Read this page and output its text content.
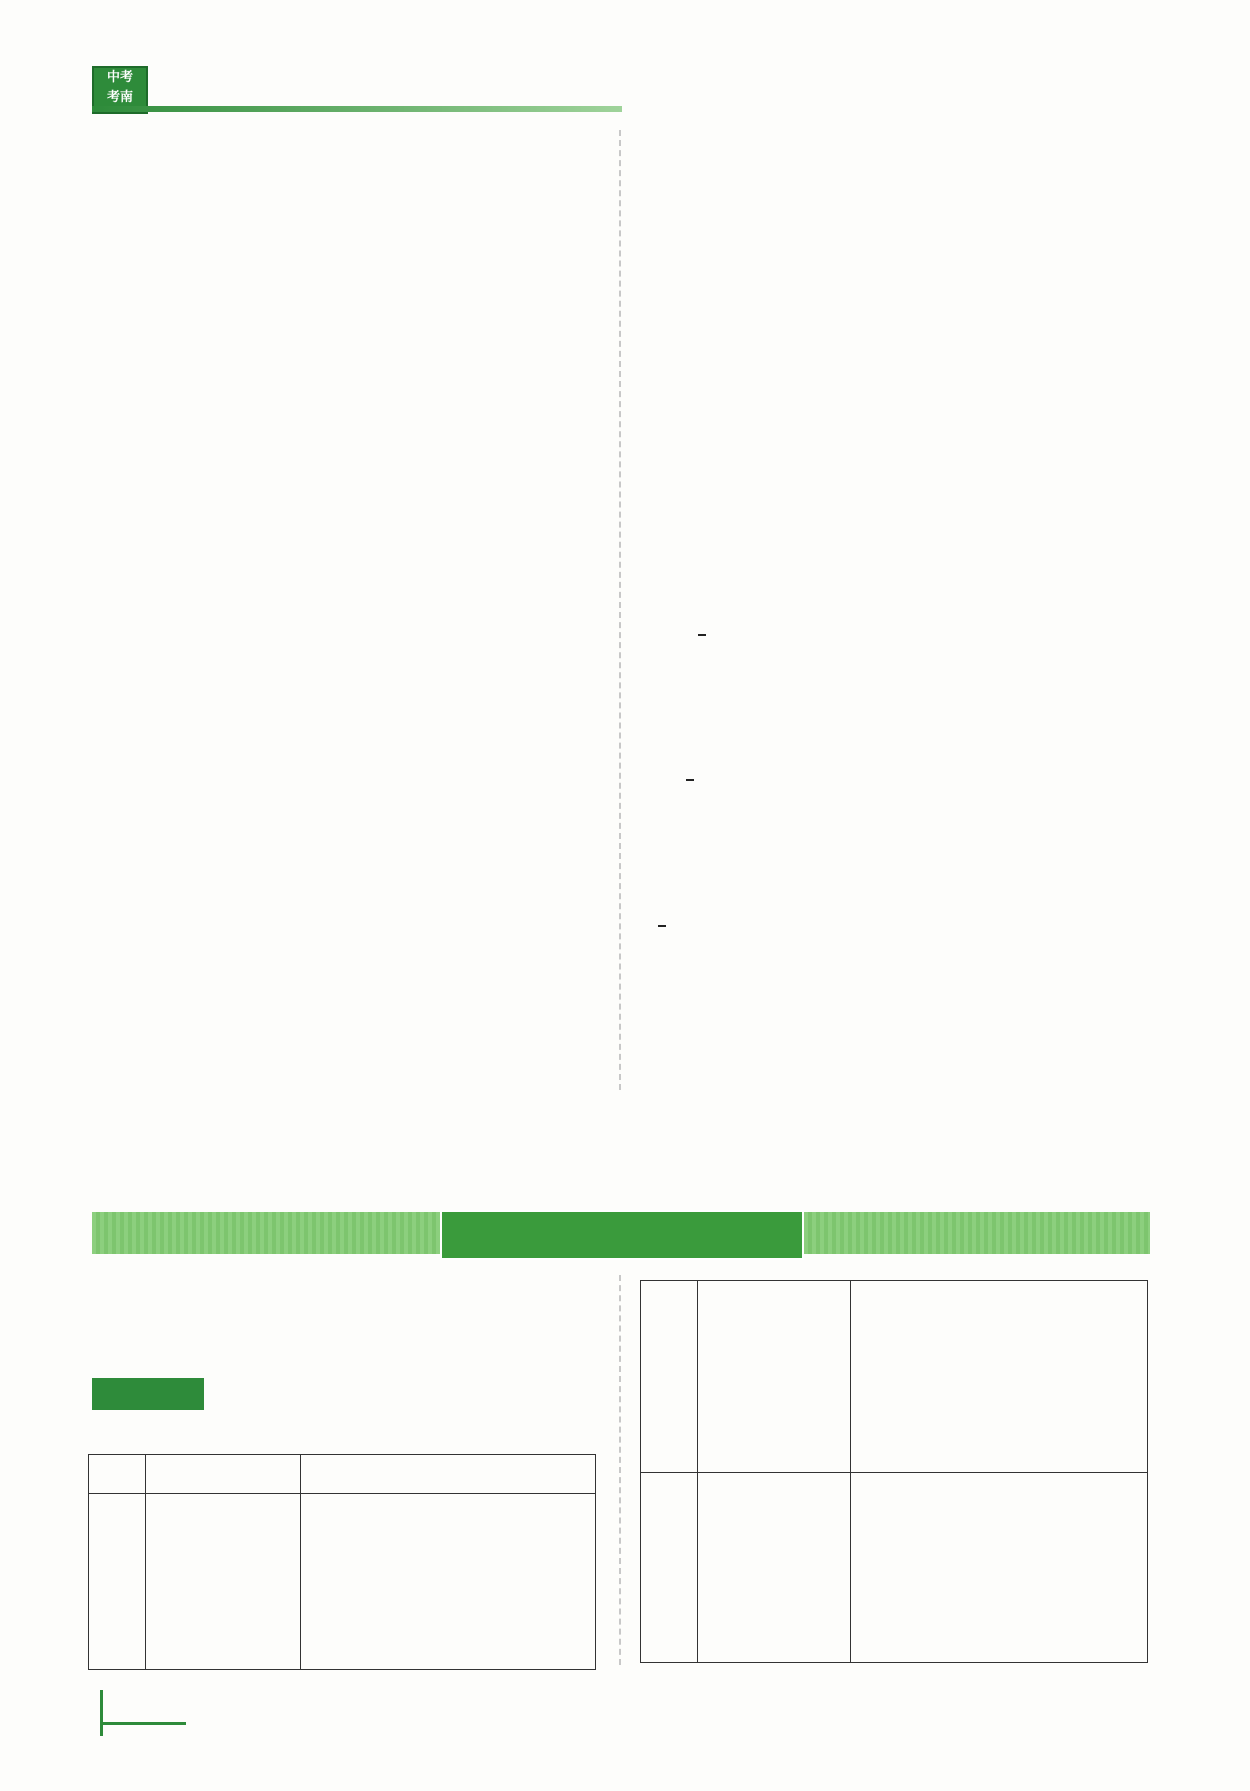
中考
考南
